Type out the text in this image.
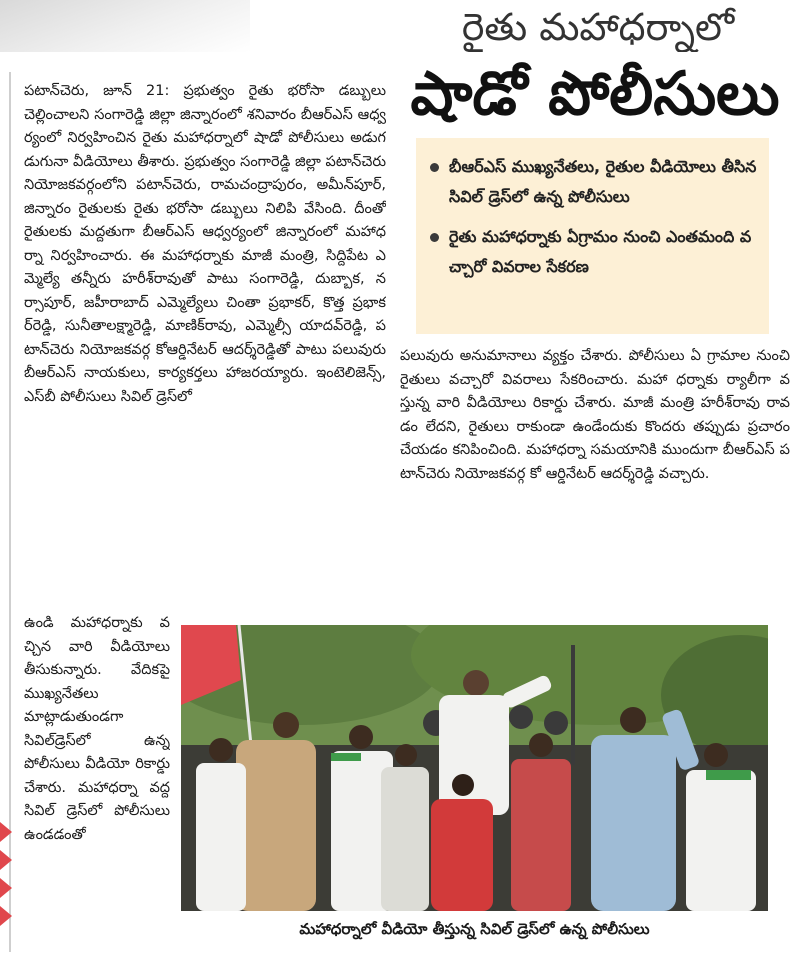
రైతు మహాధర్నాలో
షాడో పోలీసులు
పటాన్‌చెరు, జూన్ 21: ప్రభుత్వం రైతు భరోసా డబ్బులు చెల్లించాలని సంగారెడ్డి జిల్లా జిన్నారంలో శనివారం బీఆర్‌ఎస్ ఆధ్వర్యంలో నిర్వహించిన రైతు మహాధర్నాలో షాడో పోలీసులు అడుగడుగునా వీడియోలు తీశారు. ప్రభుత్వం సంగారెడ్డి జిల్లా పటాన్‌చెరు నియోజకవర్గంలోని పటాన్‌చెరు, రామచంద్రాపురం, అమీన్‌పూర్, జిన్నారం రైతులకు రైతు భరోసా డబ్బులు నిలిపి వేసింది. దీంతో రైతులకు మద్దతుగా బీఆర్‌ఎస్ ఆధ్వర్యంలో జిన్నారంలో మహాధర్నా నిర్వహించారు. ఈ మహాధర్నాకు మాజీ మంత్రి, సిద్దిపేట ఎమ్మెల్యే తన్నీరు హరీశ్‌రావుతో పాటు సంగారెడ్డి, దుబ్బాక, నర్సాపూర్, జహీరాబాద్ ఎమ్మెల్యేలు చింతా ప్రభాకర్, కొత్త ప్రభాకర్‌రెడ్డి, సునీతాలక్ష్మారెడ్డి, మాణిక్‌రావు, ఎమ్మెల్సీ యాదవ్‌రెడ్డి, పటాన్‌చెరు నియోజకవర్గ కోఆర్డినేటర్ ఆదర్శ్‌రెడ్డితో పాటు పలువురు బీఆర్‌ఎస్ నాయకులు, కార్యకర్తలు హాజరయ్యారు. ఇంటెలిజెన్స్, ఎస్‌బీ పోలీసులు సివిల్ డ్రెస్‌లో
బీఆర్‌ఎస్ ముఖ్యనేతలు, రైతుల వీడియోలు తీసిన సివిల్ డ్రెస్‌లో ఉన్న పోలీసులు
రైతు మహాధర్నాకు ఏగ్రామం నుంచి ఎంతమంది వచ్చారో వివరాల సేకరణ
పలువురు అనుమానాలు వ్యక్తం చేశారు. పోలీసులు ఏ గ్రామాల నుంచి రైతులు వచ్చారో వివరాలు సేకరించారు. మహా ధర్నాకు ర్యాలీగా వస్తున్న వారి వీడియోలు రికార్డు చేశారు. మాజీ మంత్రి హరీశ్‌రావు రావడం లేదని, రైతులు రాకుండా ఉండేందుకు కొందరు తప్పుడు ప్రచారం చేయడం కనిపించింది. మహాధర్నా సమయానికి ముందుగా బీఆర్‌ఎస్ పటాన్‌చెరు నియోజకవర్గ కో ఆర్డినేటర్ ఆదర్శ్‌రెడ్డి వచ్చారు.
ఉండి మహాధర్నాకు వచ్చిన వారి వీడియోలు తీసుకున్నారు. వేదికపై ముఖ్యనేతలు మాట్లాడుతుండగా సివిల్‌డ్రెస్‌లో ఉన్న పోలీసులు వీడియో రికార్డు చేశారు. మహాధర్నా వద్ద సివిల్ డ్రెస్‌లో పోలీసులు ఉండడంతో
మహాధర్నాలో వీడియో తీస్తున్న సివిల్ డ్రెస్‌లో ఉన్న పోలీసులు
